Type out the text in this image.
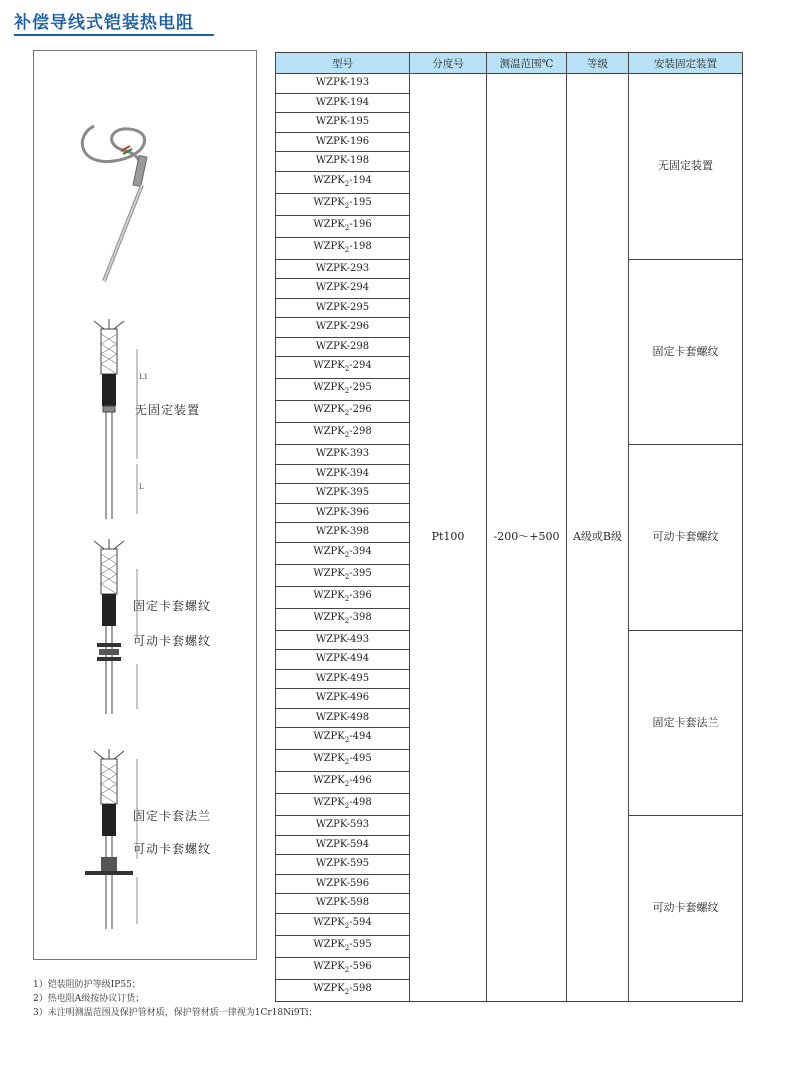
补偿导线式铠装热电阻
L1
L
无固定装置
固定卡套螺纹
可动卡套螺纹
固定卡套法兰
可动卡套螺纹
型号	分度号	测温范围℃	等级	安装固定装置
WZPK-193	Pt100	-200～+500	A级或B级	无固定装置
WZPK-194				
WZPK-195				
WZPK-196				
WZPK-198				
$WZPK_2-194$				
$WZPK_2-195$				
$WZPK_2-196$				
$WZPK_2-198$				
WZPK-293				固定卡套螺纹
WZPK-294				
WZPK-295				
WZPK-296				
WZPK-298				
$WZPK_2-294$				
$WZPK_2-295$				
$WZPK_2-296$				
$WZPK_2-298$				
WZPK-393				可动卡套螺纹
WZPK-394				
WZPK-395				
WZPK-396				
WZPK-398				
$WZPK_2-394$				
$WZPK_2-395$				
$WZPK_2-396$				
$WZPK_2-398$				
WZPK-493				固定卡套法兰
WZPK-494				
WZPK-495				
WZPK-496				
WZPK-498				
$WZPK_2-494$				
$WZPK_2-495$				
$WZPK_2-496$				
$WZPK_2-498$				
WZPK-593				可动卡套螺纹
WZPK-594				
WZPK-595				
WZPK-596				
WZPK-598				
$WZPK_2-594$				
$WZPK_2-595$				
$WZPK_2-596$				
$WZPK_2-598$				
1）铠装阻防护等级IP55；
2）热电阻A级按协议订货；
3）未注明测温范围及保护管材质，保护管材质一律视为1Cr18Ni9Ti；
